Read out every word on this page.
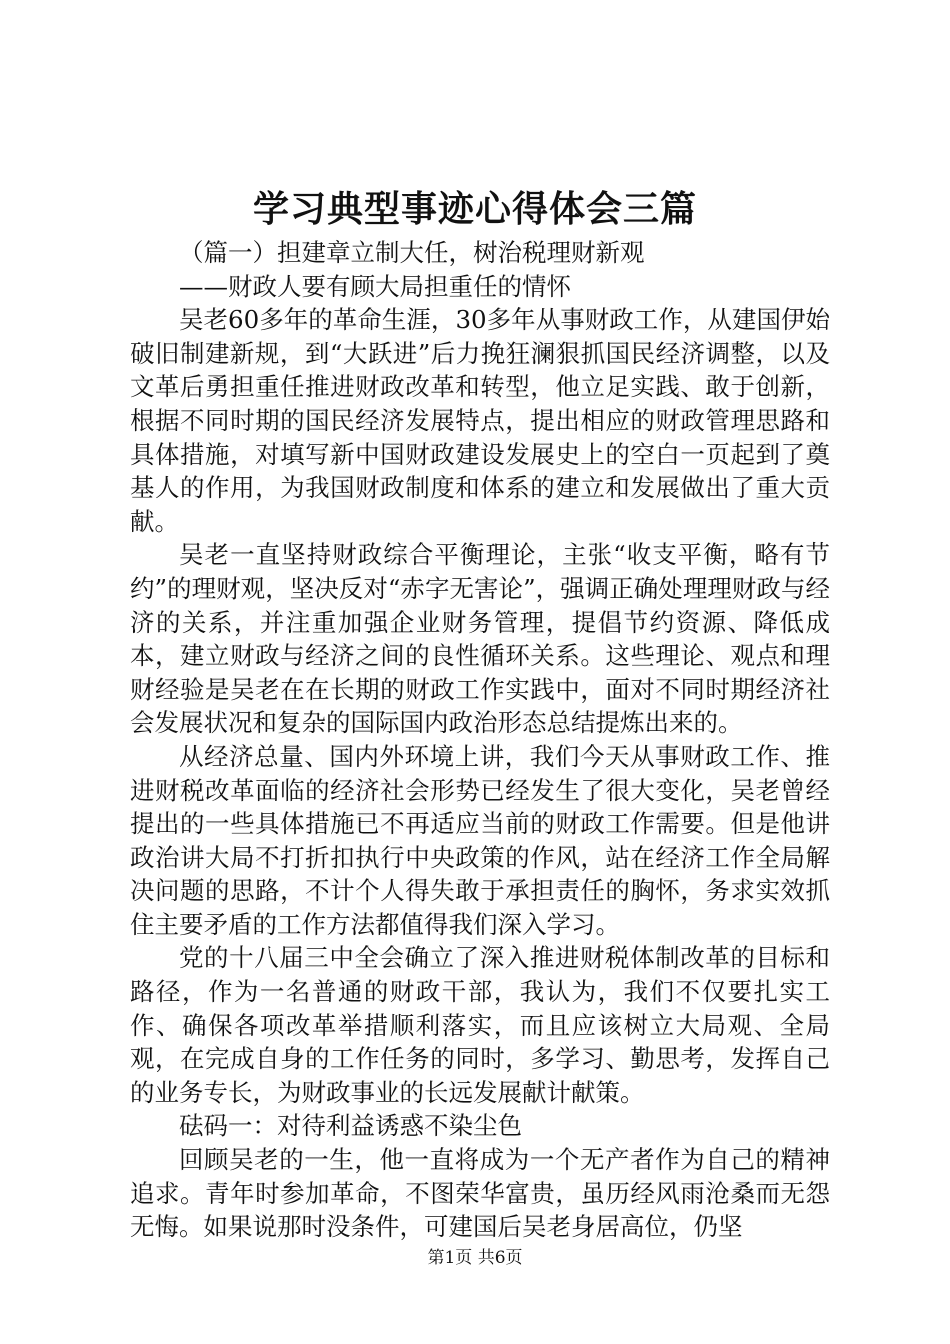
学习典型事迹心得体会三篇

（篇一）担建章立制大任，树治税理财新观

——财政人要有顾大局担重任的情怀

吴老60多年的革命生涯，30多年从事财政工作，从建国伊始破旧制建新规，到“大跃进”后力挽狂澜狠抓国民经济调整，以及文革后勇担重任推进财政改革和转型，他立足实践、敢于创新，根据不同时期的国民经济发展特点，提出相应的财政管理思路和具体措施，对填写新中国财政建设发展史上的空白一页起到了奠基人的作用，为我国财政制度和体系的建立和发展做出了重大贡献。

吴老一直坚持财政综合平衡理论，主张“收支平衡，略有节约”的理财观，坚决反对“赤字无害论”，强调正确处理理财政与经济的关系，并注重加强企业财务管理，提倡节约资源、降低成本，建立财政与经济之间的良性循环关系。这些理论、观点和理财经验是吴老在在长期的财政工作实践中，面对不同时期经济社会发展状况和复杂的国际国内政治形态总结提炼出来的。

从经济总量、国内外环境上讲，我们今天从事财政工作、推进财税改革面临的经济社会形势已经发生了很大变化，吴老曾经提出的一些具体措施已不再适应当前的财政工作需要。但是他讲政治讲大局不打折扣执行中央政策的作风，站在经济工作全局解决问题的思路，不计个人得失敢于承担责任的胸怀，务求实效抓住主要矛盾的工作方法都值得我们深入学习。

党的十八届三中全会确立了深入推进财税体制改革的目标和路径，作为一名普通的财政干部，我认为，我们不仅要扎实工作、确保各项改革举措顺利落实，而且应该树立大局观、全局观，在完成自身的工作任务的同时，多学习、勤思考，发挥自己的业务专长，为财政事业的长远发展献计献策。

砝码一：对待利益诱惑不染尘色

回顾吴老的一生，他一直将成为一个无产者作为自己的精神追求。青年时参加革命，不图荣华富贵，虽历经风雨沧桑而无怨无悔。如果说那时没条件，可建国后吴老身居高位，仍坚

第1页 共6页
